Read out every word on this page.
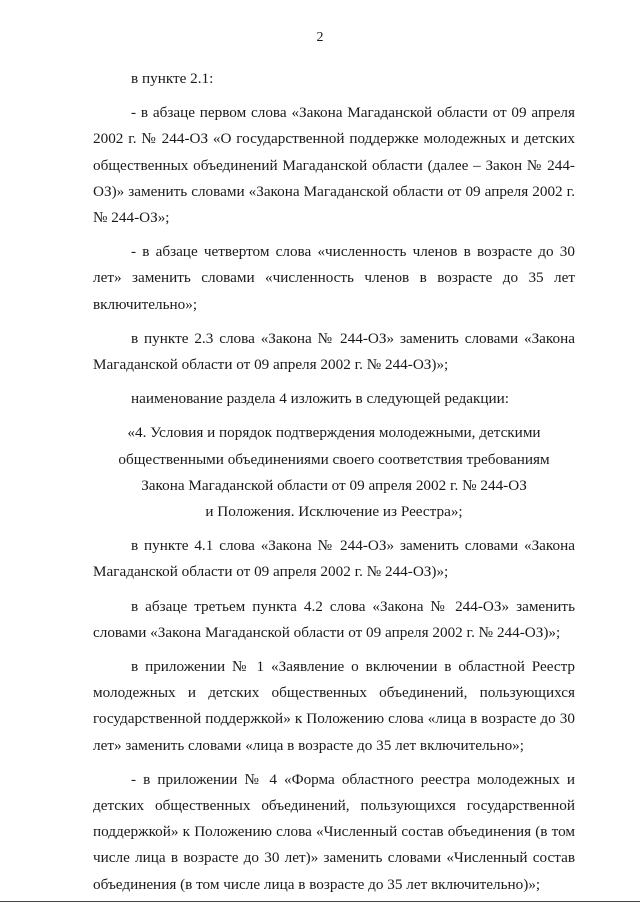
2

в пункте 2.1:

- в абзаце первом слова «Закона Магаданской области от 09 апреля 2002 г. № 244-ОЗ «О государственной поддержке молодежных и детских общественных объединений Магаданской области (далее – Закон № 244-ОЗ)» заменить словами «Закона Магаданской области от 09 апреля 2002 г. № 244-ОЗ»;

- в абзаце четвертом слова «численность членов в возрасте до 30 лет» заменить словами «численность членов в возрасте до 35 лет включительно»;

в пункте 2.3 слова «Закона № 244-ОЗ» заменить словами «Закона Магаданской области от 09 апреля 2002 г. № 244-ОЗ)»;

наименование раздела 4 изложить в следующей редакции:

«4. Условия и порядок подтверждения молодежными, детскими
общественными объединениями своего соответствия требованиям
Закона Магаданской области от 09 апреля 2002 г. № 244-ОЗ
и Положения. Исключение из Реестра»;

в пункте 4.1 слова «Закона № 244-ОЗ» заменить словами «Закона Магаданской области от 09 апреля 2002 г. № 244-ОЗ)»;

в абзаце третьем пункта 4.2 слова «Закона № 244-ОЗ» заменить словами «Закона Магаданской области от 09 апреля 2002 г. № 244-ОЗ)»;

в приложении № 1 «Заявление о включении в областной Реестр молодежных и детских общественных объединений, пользующихся государственной поддержкой» к Положению слова «лица в возрасте до 30 лет» заменить словами «лица в возрасте до 35 лет включительно»;

- в приложении № 4 «Форма областного реестра молодежных и детских общественных объединений, пользующихся государственной поддержкой» к Положению слова «Численный состав объединения (в том числе лица в возрасте до 30 лет)» заменить словами «Численный состав объединения (в том числе лица в возрасте до 35 лет включительно)»;
